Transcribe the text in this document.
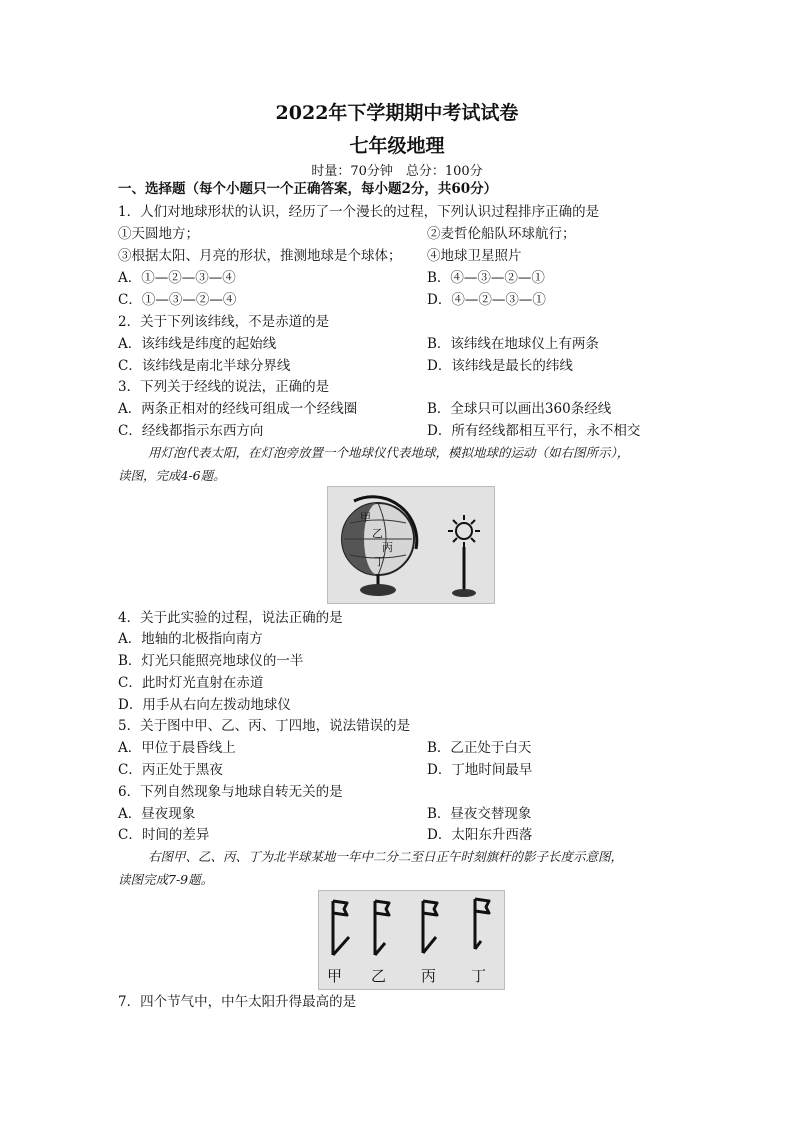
2022年下学期期中考试试卷
七年级地理
时量：70分钟　总分：100分
一、选择题（每个小题只一个正确答案，每小题2分，共60分）
1．人们对地球形状的认识，经历了一个漫长的过程，下列认识过程排序正确的是
①天圆地方；	②麦哲伦船队环球航行；
③根据太阳、月亮的形状，推测地球是个球体； ④地球卫星照片
A．①—②—③—④	B．④—③—②—①
C．①—③—②—④	D．④—②—③—①
2．关于下列该纬线，不是赤道的是
A．该纬线是纬度的起始线	B．该纬线在地球仪上有两条
C．该纬线是南北半球分界线	D．该纬线是最长的纬线
3．下列关于经线的说法，正确的是
A．两条正相对的经线可组成一个经线圈	B．全球只可以画出360条经线
C．经线都指示东西方向	D．所有经线都相互平行，永不相交
用灯泡代表太阳，在灯泡旁放置一个地球仪代表地球，模拟地球的运动（如右图所示），
读图，完成4-6题。
甲
乙
丙
丁
4．关于此实验的过程，说法正确的是
A．地轴的北极指向南方
B．灯光只能照亮地球仪的一半
C．此时灯光直射在赤道
D．用手从右向左拨动地球仪
5．关于图中甲、乙、丙、丁四地，说法错误的是
A．甲位于晨昏线上	B．乙正处于白天
C．丙正处于黑夜	D．丁地时间最早
6．下列自然现象与地球自转无关的是
A．昼夜现象	B．昼夜交替现象
C．时间的差异	D．太阳东升西落
右图甲、乙、丙、丁为北半球某地一年中二分二至日正午时刻旗杆的影子长度示意图，
读图完成7-9题。
甲 乙 丙 丁
7．四个节气中，中午太阳升得最高的是
